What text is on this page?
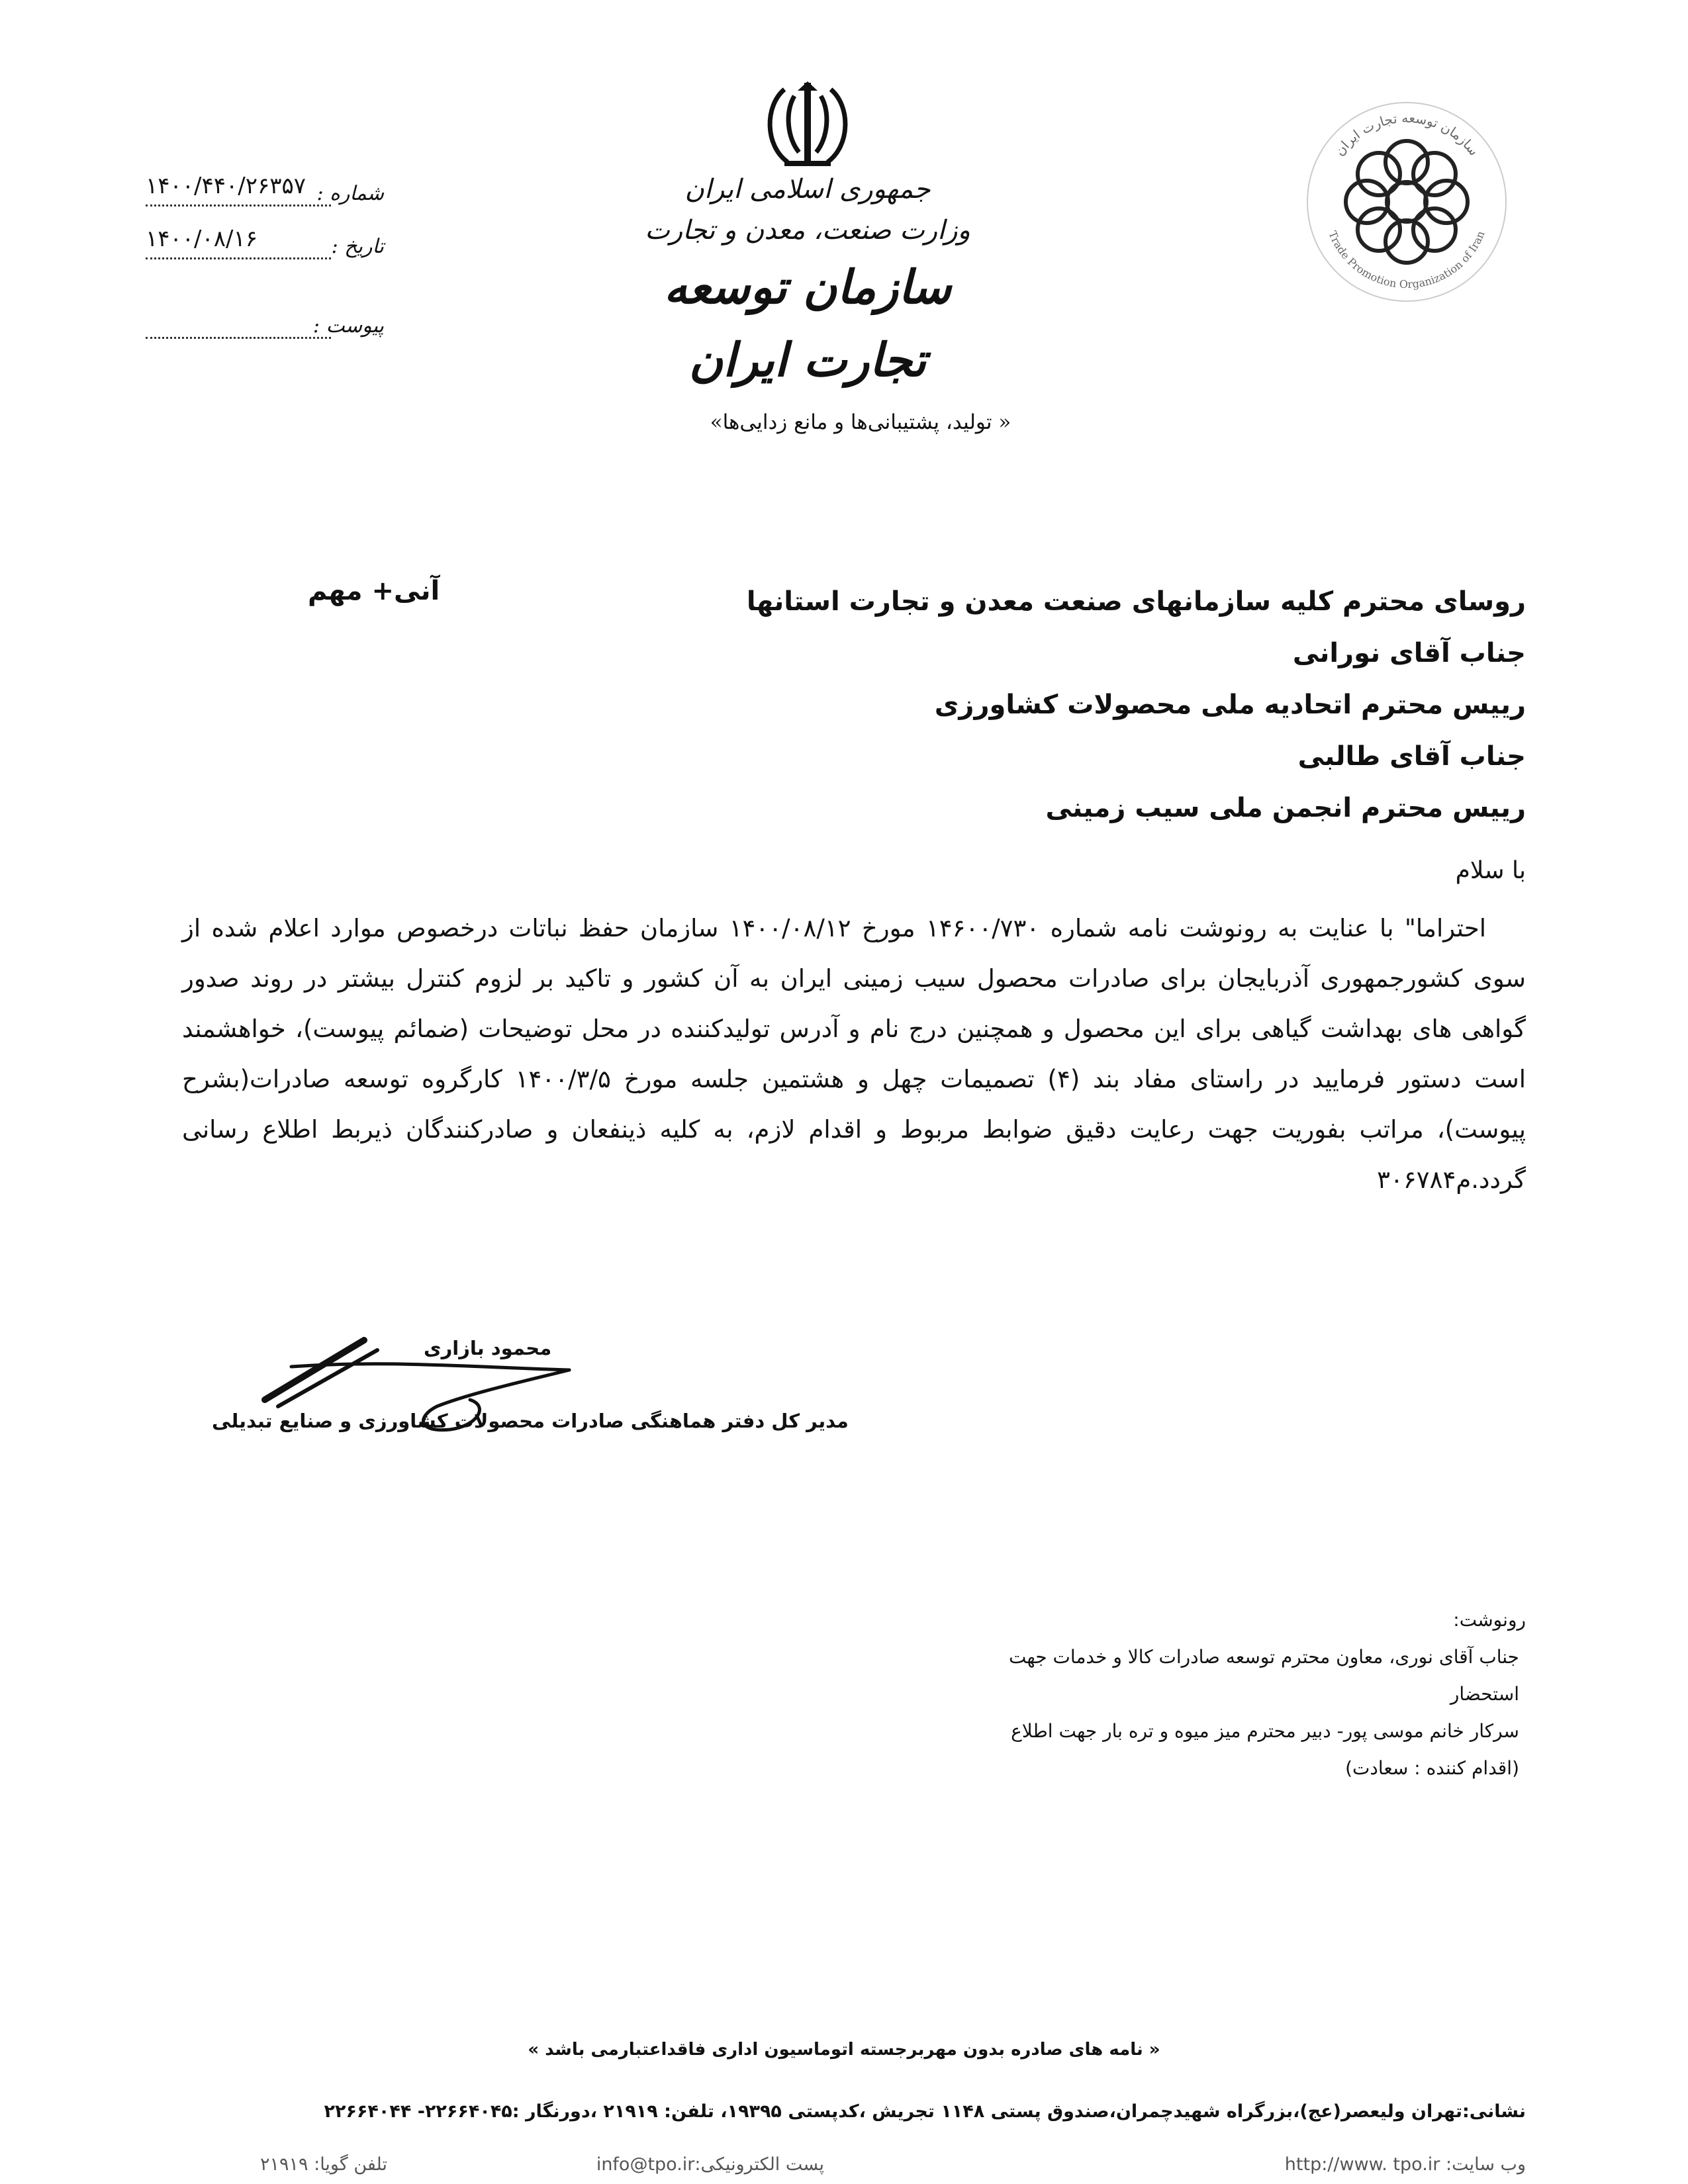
جمهوری اسلامی ایران
وزارت صنعت، معدن و تجارت
سازمان توسعه تجارت ایران
« تولید، پشتیبانی‌ها و مانع زدایی‌ها»
سازمان توسعه تجارت ایران
Trade Promotion Organization of Iran
شماره :
۱۴۰۰/۴۴۰/۲۶۳۵۷
تاریخ :
۱۴۰۰/۰۸/۱۶
پیوست :
آنی+ مهم	روسای محترم کلیه سازمانهای صنعت معدن و تجارت استانها
جناب آقای نورانی
رییس محترم اتحادیه ملی محصولات کشاورزی
جناب آقای طالبی
رییس محترم انجمن ملی سیب زمینی
با سلام
احتراما" با عنایت به رونوشت نامه شماره ۱۴۶۰۰/۷۳۰ مورخ ۱۴۰۰/۰۸/۱۲ سازمان حفظ نباتات درخصوص موارد اعلام شده از سوی کشورجمهوری آذربایجان برای صادرات محصول سیب زمینی ایران به آن کشور و تاکید بر لزوم کنترل بیشتر در روند صدور گواهی های بهداشت گیاهی برای این محصول و همچنین درج نام و آدرس تولیدکننده در محل توضیحات (ضمائم پیوست)، خواهشمند است دستور فرمایید در راستای مفاد بند (۴) تصمیمات چهل و هشتمین جلسه مورخ ۱۴۰۰/۳/۵ کارگروه توسعه صادرات(بشرح پیوست)، مراتب بفوریت جهت رعایت دقیق ضوابط مربوط و اقدام لازم، به کلیه ذینفعان و صادرکنندگان ذیربط اطلاع رسانی گردد.م۳۰۶۷۸۴
محمود بازاری
مدیر کل دفتر هماهنگی صادرات محصولات کشاورزی و صنایع تبدیلی
رونوشت:
جناب آقای نوری، معاون محترم توسعه صادرات کالا و خدمات جهت
استحضار
سرکار خانم موسی پور- دبیر محترم میز میوه و تره بار جهت اطلاع
(اقدام کننده : سعادت)
« نامه های صادره بدون مهربرجسته اتوماسیون اداری فاقداعتبارمی باشد »
نشانی:تهران ولیعصر(عج)،بزرگراه شهیدچمران،صندوق پستی ۱۱۴۸ تجریش ،کدپستی ۱۹۳۹۵، تلفن: ۲۱۹۱۹ ،دورنگار :۲۲۶۶۴۰۴۵- ۲۲۶۶۴۰۴۴
وب سایت: http://www. tpo.ir
پست الکترونیکی:info@tpo.ir
تلفن گویا: ۲۱۹۱۹
